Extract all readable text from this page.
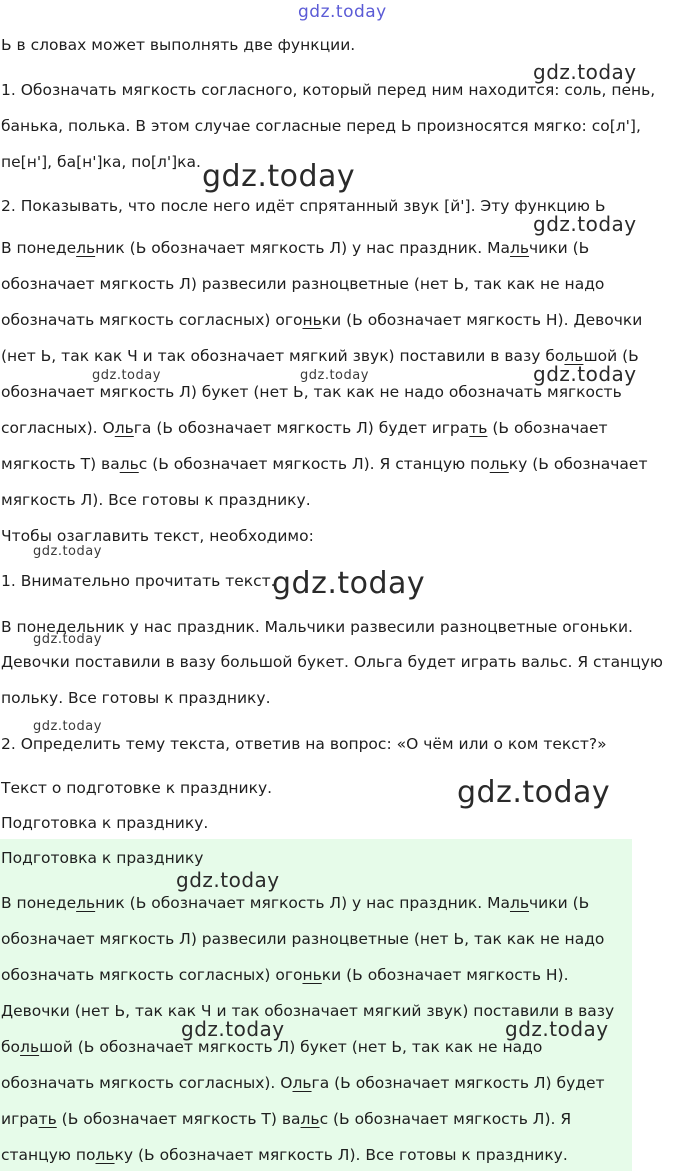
gdz.today
Ь в словах может выполнять две функции.
gdz.today
1. Обозначать мягкость согласного, который перед ним находится: соль, пень,
банька, полька. В этом случае согласные перед Ь произносятся мягко: со[л'],
пе[н'], ба[н']ка, по[л']ка. gdz.today
2. Показывать, что после него идёт спрятанный звук [й']. Эту функцию Ь
gdz.today
В понедельник (Ь обозначает мягкость Л) у нас праздник. Мальчики (Ь
обозначает мягкость Л) развесили разноцветные (нет Ь, так как не надо
обозначать мягкость согласных) огоньки (Ь обозначает мягкость Н). Девочки
(нет Ь, так как Ч и так обозначает мягкий звук) поставили в вазу большой (Ь
gdz.today	gdz.today	gdz.today
обозначает мягкость Л) букет (нет Ь, так как не надо обозначать мягкость
согласных). Ольга (Ь обозначает мягкость Л) будет играть (Ь обозначает
мягкость Т) вальс (Ь обозначает мягкость Л). Я станцую польку (Ь обозначает
мягкость Л). Все готовы к празднику.
Чтобы озаглавить текст, необходимо:
gdz.today
1. Внимательно прочитать текст.
gdz.today
В понедельник у нас праздник. Мальчики развесили разноцветные огоньки.
gdz.today
Девочки поставили в вазу большой букет. Ольга будет играть вальс. Я станцую
польку. Все готовы к празднику.
gdz.today
2. Определить тему текста, ответив на вопрос: «О чём или о ком текст?»
Текст о подготовке к празднику.	gdz.today
Подготовка к празднику.
Подготовка к празднику
gdz.today
В понедельник (Ь обозначает мягкость Л) у нас праздник. Мальчики (Ь
обозначает мягкость Л) развесили разноцветные (нет Ь, так как не надо
обозначать мягкость согласных) огоньки (Ь обозначает мягкость Н).
Девочки (нет Ь, так как Ч и так обозначает мягкий звук) поставили в вазу
gdz.today	gdz.today
большой (Ь обозначает мягкость Л) букет (нет Ь, так как не надо
обозначать мягкость согласных). Ольга (Ь обозначает мягкость Л) будет
играть (Ь обозначает мягкость Т) вальс (Ь обозначает мягкость Л). Я
станцую польку (Ь обозначает мягкость Л). Все готовы к празднику.
